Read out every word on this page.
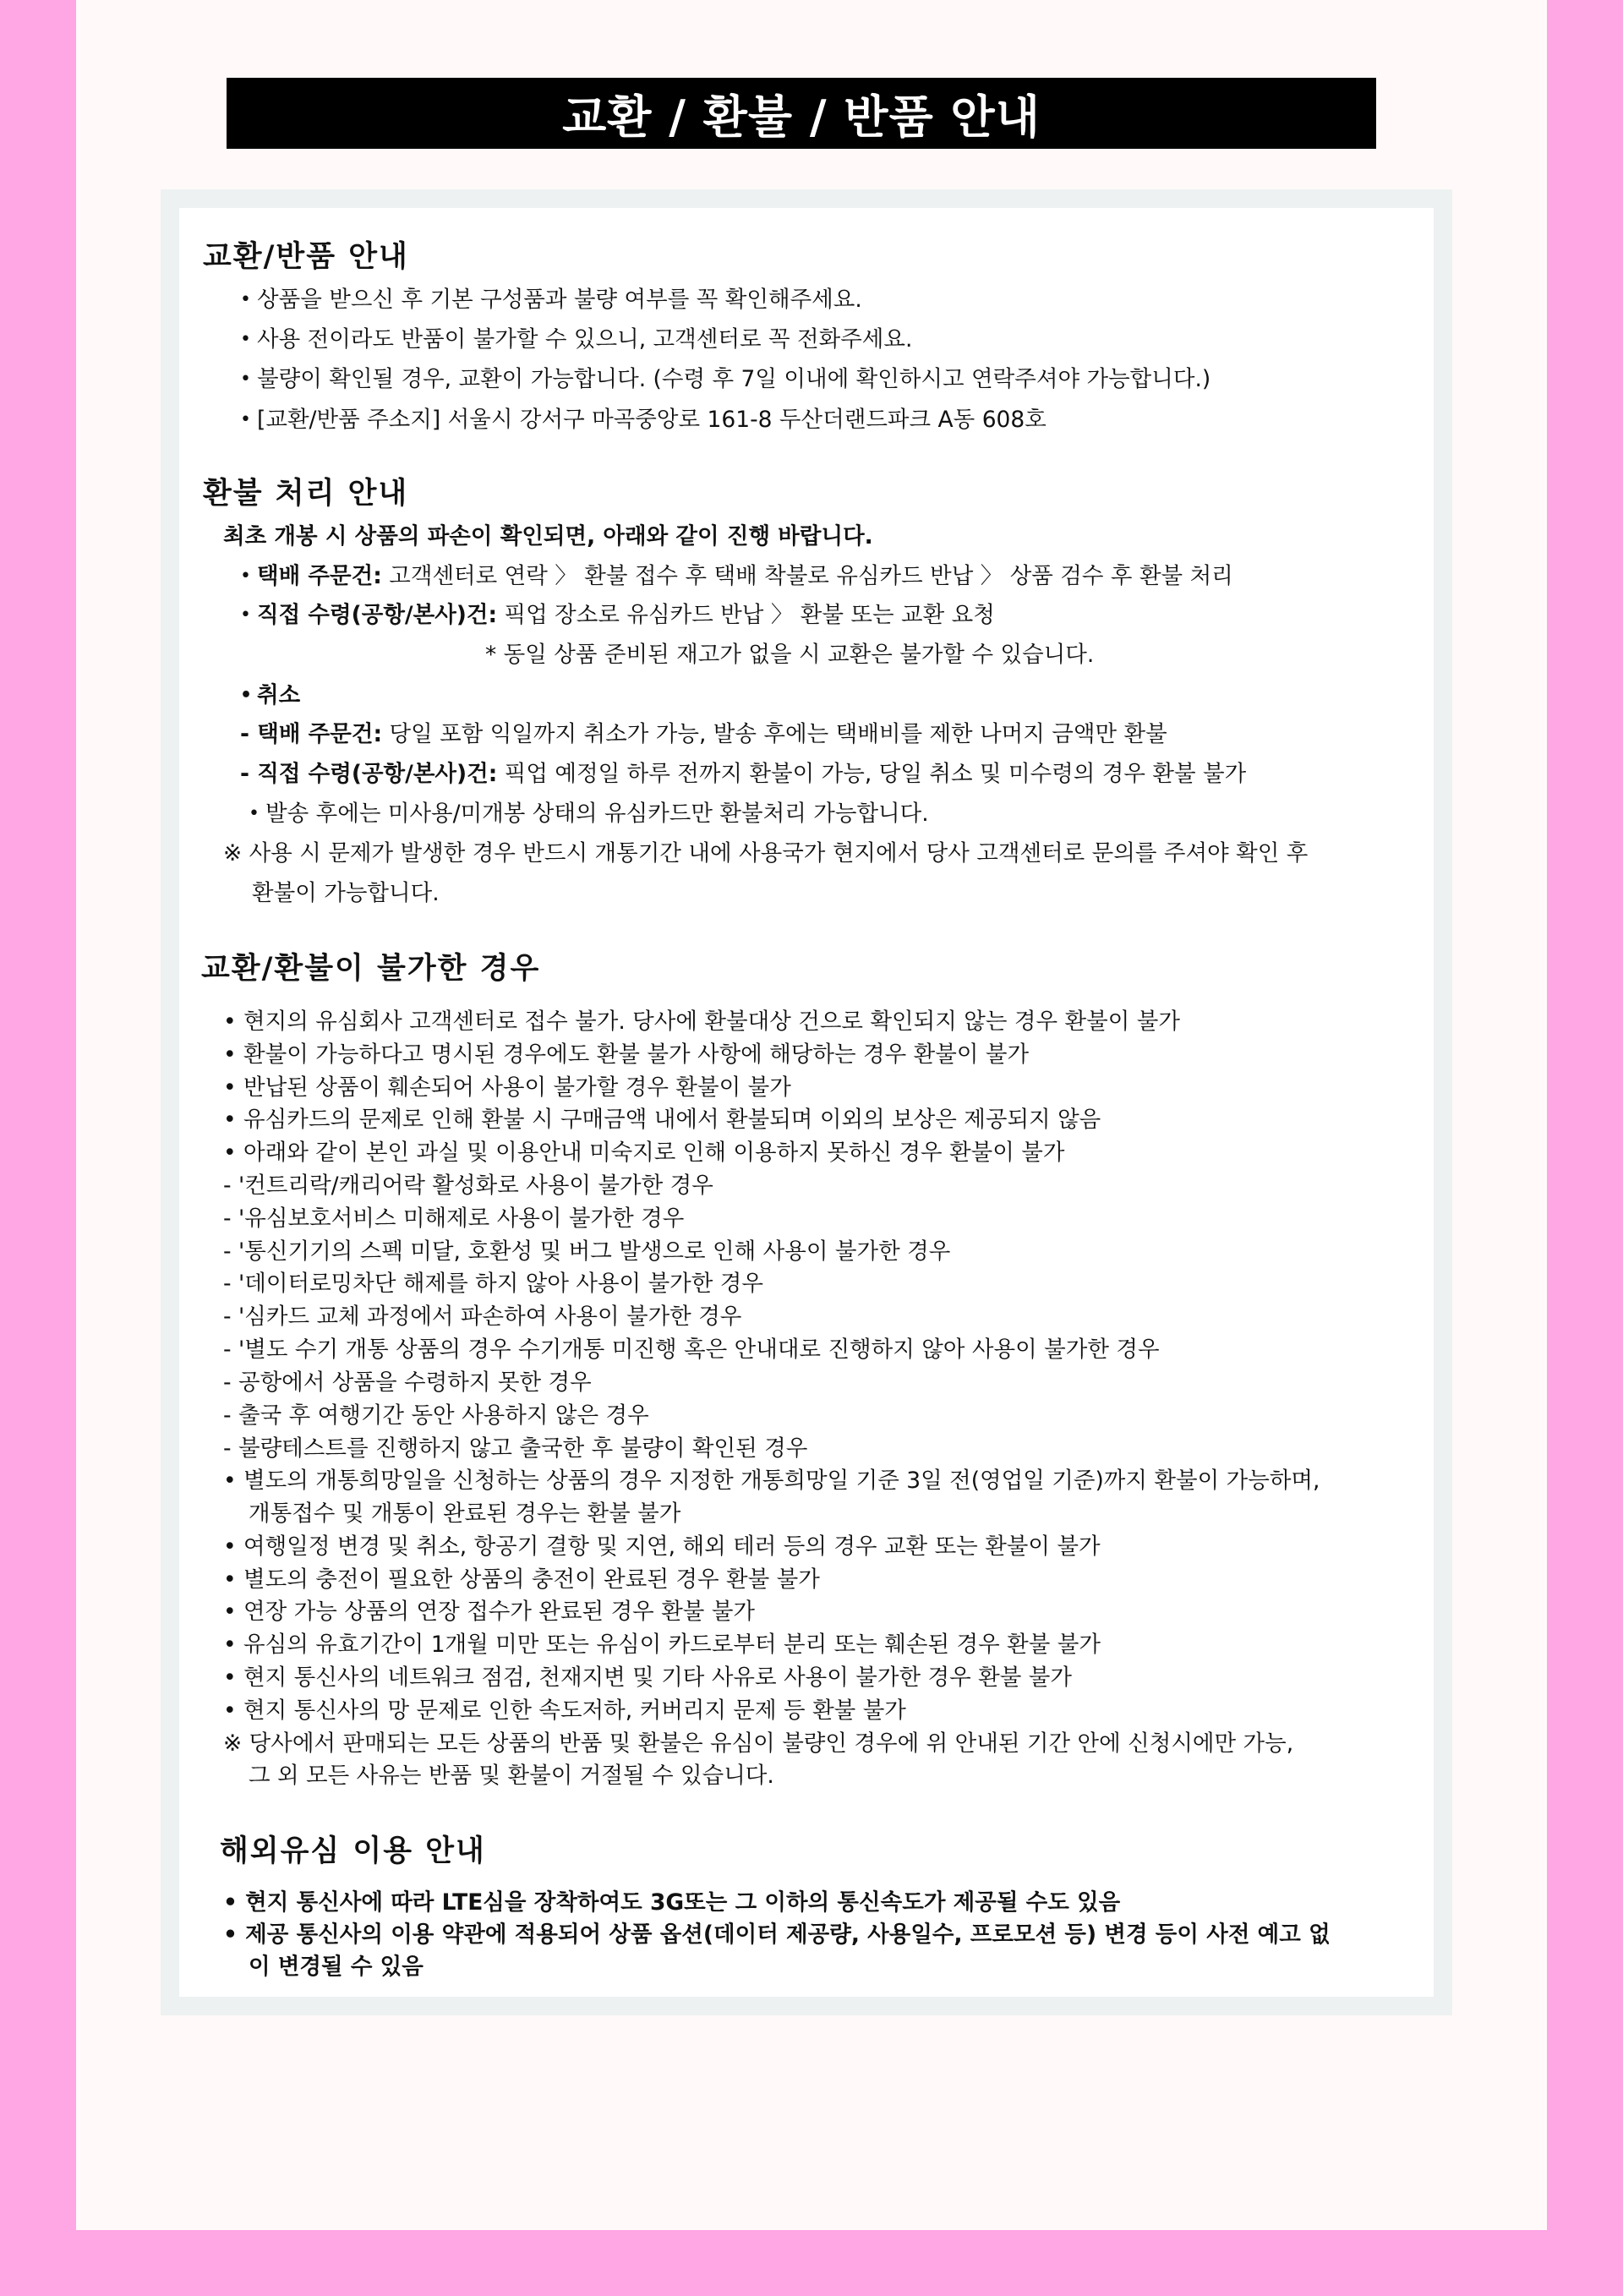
교환 / 환불 / 반품 안내
교환/반품 안내
• 상품을 받으신 후 기본 구성품과 불량 여부를 꼭 확인해주세요.
• 사용 전이라도 반품이 불가할 수 있으니, 고객센터로 꼭 전화주세요.
• 불량이 확인될 경우, 교환이 가능합니다. (수령 후 7일 이내에 확인하시고 연락주셔야 가능합니다.)
• [교환/반품 주소지] 서울시 강서구 마곡중앙로 161-8 두산더랜드파크 A동 608호
환불 처리 안내
최초 개봉 시 상품의 파손이 확인되면, 아래와 같이 진행 바랍니다.
• 택배 주문건: 고객센터로 연락 〉 환불 접수 후 택배 착불로 유심카드 반납 〉 상품 검수 후 환불 처리
• 직접 수령(공항/본사)건: 픽업 장소로 유심카드 반납 〉 환불 또는 교환 요청
* 동일 상품 준비된 재고가 없을 시 교환은 불가할 수 있습니다.
• 취소
- 택배 주문건: 당일 포함 익일까지 취소가 가능, 발송 후에는 택배비를 제한 나머지 금액만 환불
- 직접 수령(공항/본사)건: 픽업 예정일 하루 전까지 환불이 가능, 당일 취소 및 미수령의 경우 환불 불가
• 발송 후에는 미사용/미개봉 상태의 유심카드만 환불처리 가능합니다.
※ 사용 시 문제가 발생한 경우 반드시 개통기간 내에 사용국가 현지에서 당사 고객센터로 문의를 주셔야 확인 후
환불이 가능합니다.
교환/환불이 불가한 경우
• 현지의 유심회사 고객센터로 접수 불가. 당사에 환불대상 건으로 확인되지 않는 경우 환불이 불가
• 환불이 가능하다고 명시된 경우에도 환불 불가 사항에 해당하는 경우 환불이 불가
• 반납된 상품이 훼손되어 사용이 불가할 경우 환불이 불가
• 유심카드의 문제로 인해 환불 시 구매금액 내에서 환불되며 이외의 보상은 제공되지 않음
• 아래와 같이 본인 과실 및 이용안내 미숙지로 인해 이용하지 못하신 경우 환불이 불가
- '컨트리락/캐리어락 활성화로 사용이 불가한 경우
- '유심보호서비스 미해제로 사용이 불가한 경우
- '통신기기의 스펙 미달, 호환성 및 버그 발생으로 인해 사용이 불가한 경우
- '데이터로밍차단 해제를 하지 않아 사용이 불가한 경우
- '심카드 교체 과정에서 파손하여 사용이 불가한 경우
- '별도 수기 개통 상품의 경우 수기개통 미진행 혹은 안내대로 진행하지 않아 사용이 불가한 경우
- 공항에서 상품을 수령하지 못한 경우
- 출국 후 여행기간 동안 사용하지 않은 경우
- 불량테스트를 진행하지 않고 출국한 후 불량이 확인된 경우
• 별도의 개통희망일을 신청하는 상품의 경우 지정한 개통희망일 기준 3일 전(영업일 기준)까지 환불이 가능하며,
개통접수 및 개통이 완료된 경우는 환불 불가
• 여행일정 변경 및 취소, 항공기 결항 및 지연, 해외 테러 등의 경우 교환 또는 환불이 불가
• 별도의 충전이 필요한 상품의 충전이 완료된 경우 환불 불가
• 연장 가능 상품의 연장 접수가 완료된 경우 환불 불가
• 유심의 유효기간이 1개월 미만 또는 유심이 카드로부터 분리 또는 훼손된 경우 환불 불가
• 현지 통신사의 네트워크 점검, 천재지변 및 기타 사유로 사용이 불가한 경우 환불 불가
• 현지 통신사의 망 문제로 인한 속도저하, 커버리지 문제 등 환불 불가
※ 당사에서 판매되는 모든 상품의 반품 및 환불은 유심이 불량인 경우에 위 안내된 기간 안에 신청시에만 가능,
그 외 모든 사유는 반품 및 환불이 거절될 수 있습니다.
해외유심 이용 안내
• 현지 통신사에 따라 LTE심을 장착하여도 3G또는 그 이하의 통신속도가 제공될 수도 있음
• 제공 통신사의 이용 약관에 적용되어 상품 옵션(데이터 제공량, 사용일수, 프로모션 등) 변경 등이 사전 예고 없
이 변경될 수 있음
